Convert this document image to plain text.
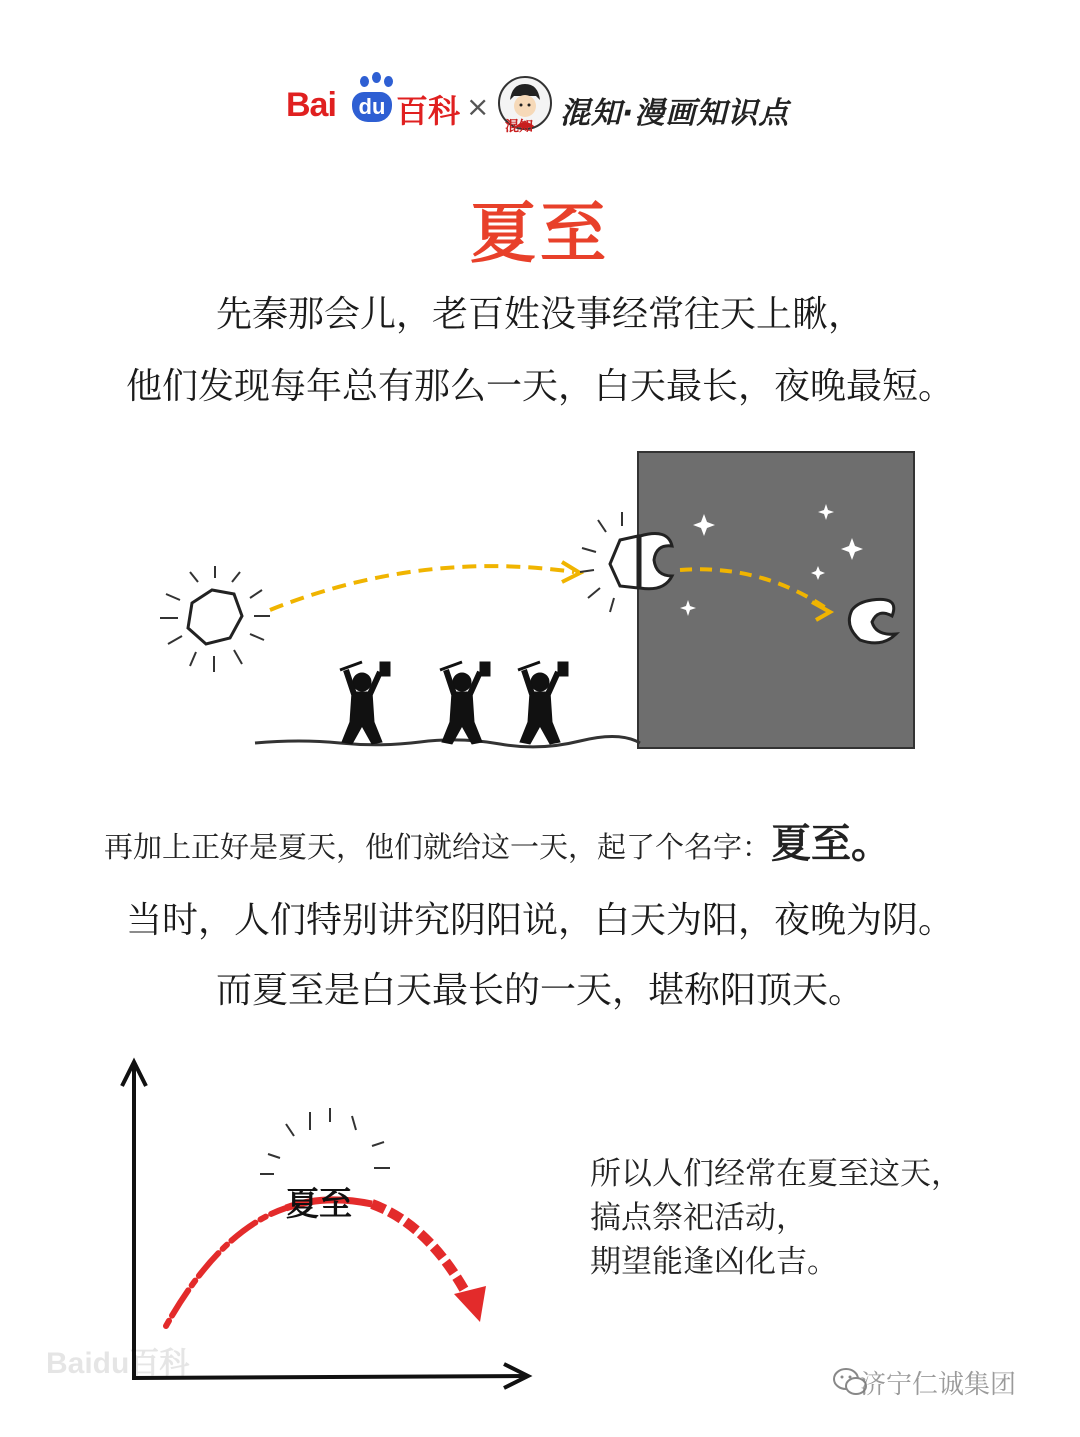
Bai du 百科 ×
混知 混知·漫画知识点
夏至
先秦那会儿，老百姓没事经常往天上瞅，
他们发现每年总有那么一天，白天最长，夜晚最短。
再加上正好是夏天，他们就给这一天，起了个名字：夏至。
当时，人们特别讲究阴阳说，白天为阳，夜晚为阴。
而夏至是白天最长的一天，堪称阳顶天。
夏至
所以人们经常在夏至这天，
搞点祭祀活动，
期望能逢凶化吉。
Baidu百科
济宁仁诚集团
